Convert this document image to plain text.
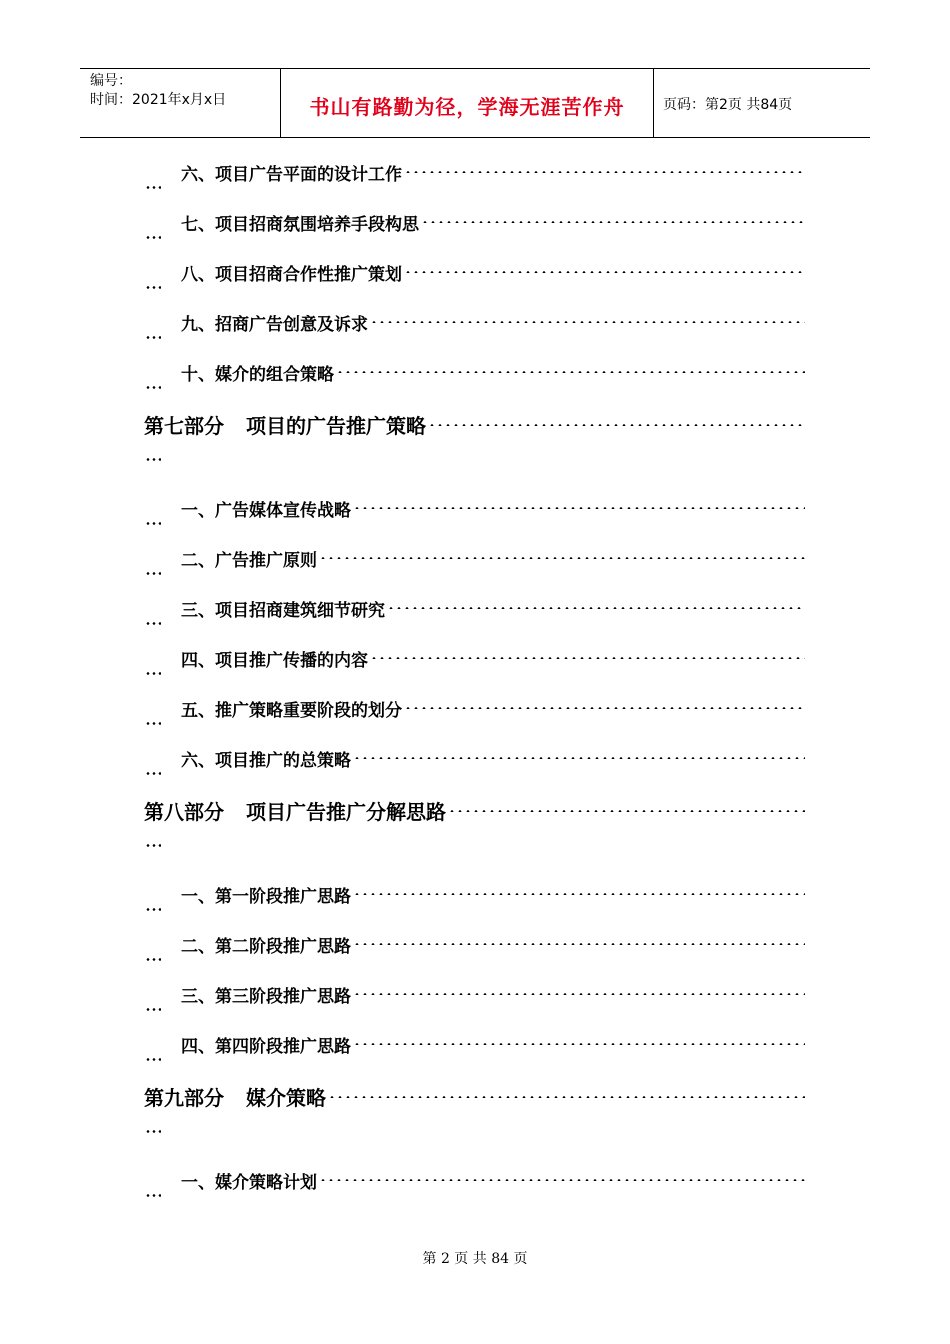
编号：
时间：2021年x月x日	书山有路勤为径，学海无涯苦作舟	页码：第2页 共84页
六、项目广告平面的设计工作
七、项目招商氛围培养手段构思
八、项目招商合作性推广策划
九、招商广告创意及诉求
十、媒介的组合策略
第七部分 项目的广告推广策略
一、广告媒体宣传战略
二、广告推广原则
三、项目招商建筑细节研究
四、项目推广传播的内容
五、推广策略重要阶段的划分
六、项目推广的总策略
第八部分 项目广告推广分解思路
一、第一阶段推广思路
二、第二阶段推广思路
三、第三阶段推广思路
四、第四阶段推广思路
第九部分 媒介策略
一、媒介策略计划
第 2 页 共 84 页
